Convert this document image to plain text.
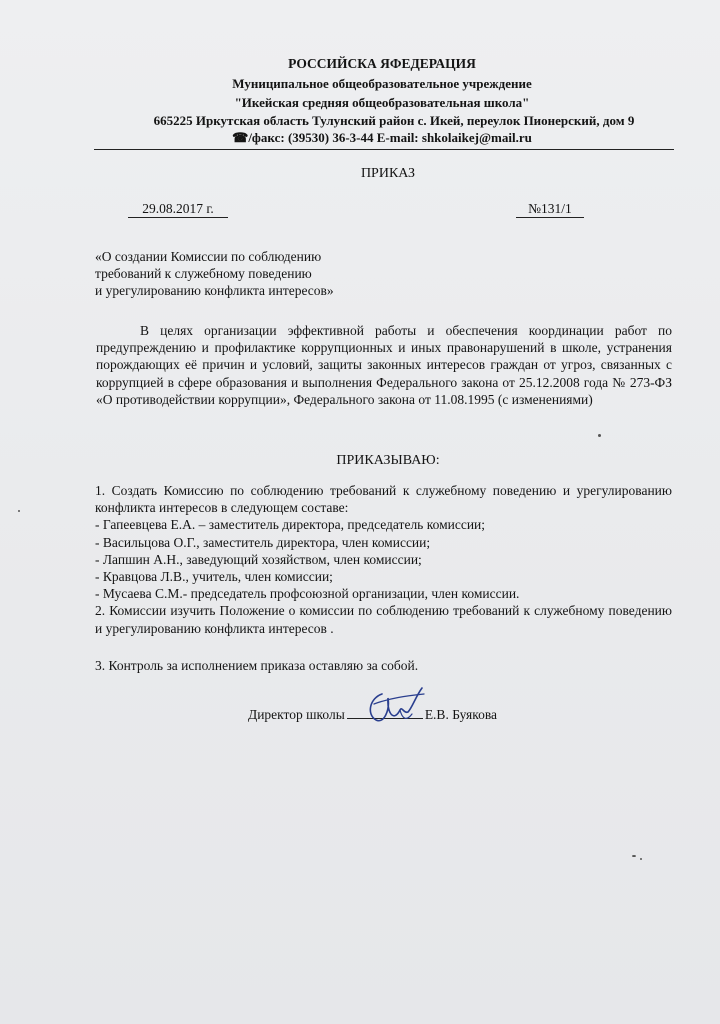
РОССИЙСКА ЯФЕДЕРАЦИЯ
Муниципальное общеобразовательное учреждение
"Икейская средняя общеобразовательная школа"
665225 Иркутская область Тулунский район с. Икей, переулок Пионерский, дом 9
☎/факс: (39530) 36-3-44 E-mail: shkolaikej@mail.ru
ПРИКАЗ
29.08.2017 г.	№131/1
«О создании Комиссии по соблюдению
требований к служебному поведению
и урегулированию конфликта интересов»
В целях организации эффективной работы и обеспечения координации работ по предупреждению и профилактике коррупционных и иных правонарушений в школе, устранения порождающих её причин и условий, защиты законных интересов граждан от угроз, связанных с коррупцией в сфере образования и выполнения Федерального закона от 25.12.2008 года № 273-ФЗ «О противодействии коррупции», Федерального закона от 11.08.1995 (с изменениями)
ПРИКАЗЫВАЮ:
1. Создать Комиссию по соблюдению требований к служебному поведению и урегулированию конфликта интересов в следующем составе:
- Гапеевцева Е.А. – заместитель директора, председатель комиссии;
- Васильцова О.Г., заместитель директора, член комиссии;
- Лапшин А.Н., заведующий хозяйством, член комиссии;
- Кравцова Л.В., учитель, член комиссии;
- Мусаева С.М.- председатель профсоюзной организации, член комиссии.
2. Комиссии изучить Положение о комиссии по соблюдению требований к служебному поведению и урегулированию конфликта интересов .
3. Контроль за исполнением приказа оставляю за собой.
Директор школы	Е.В. Буякова
